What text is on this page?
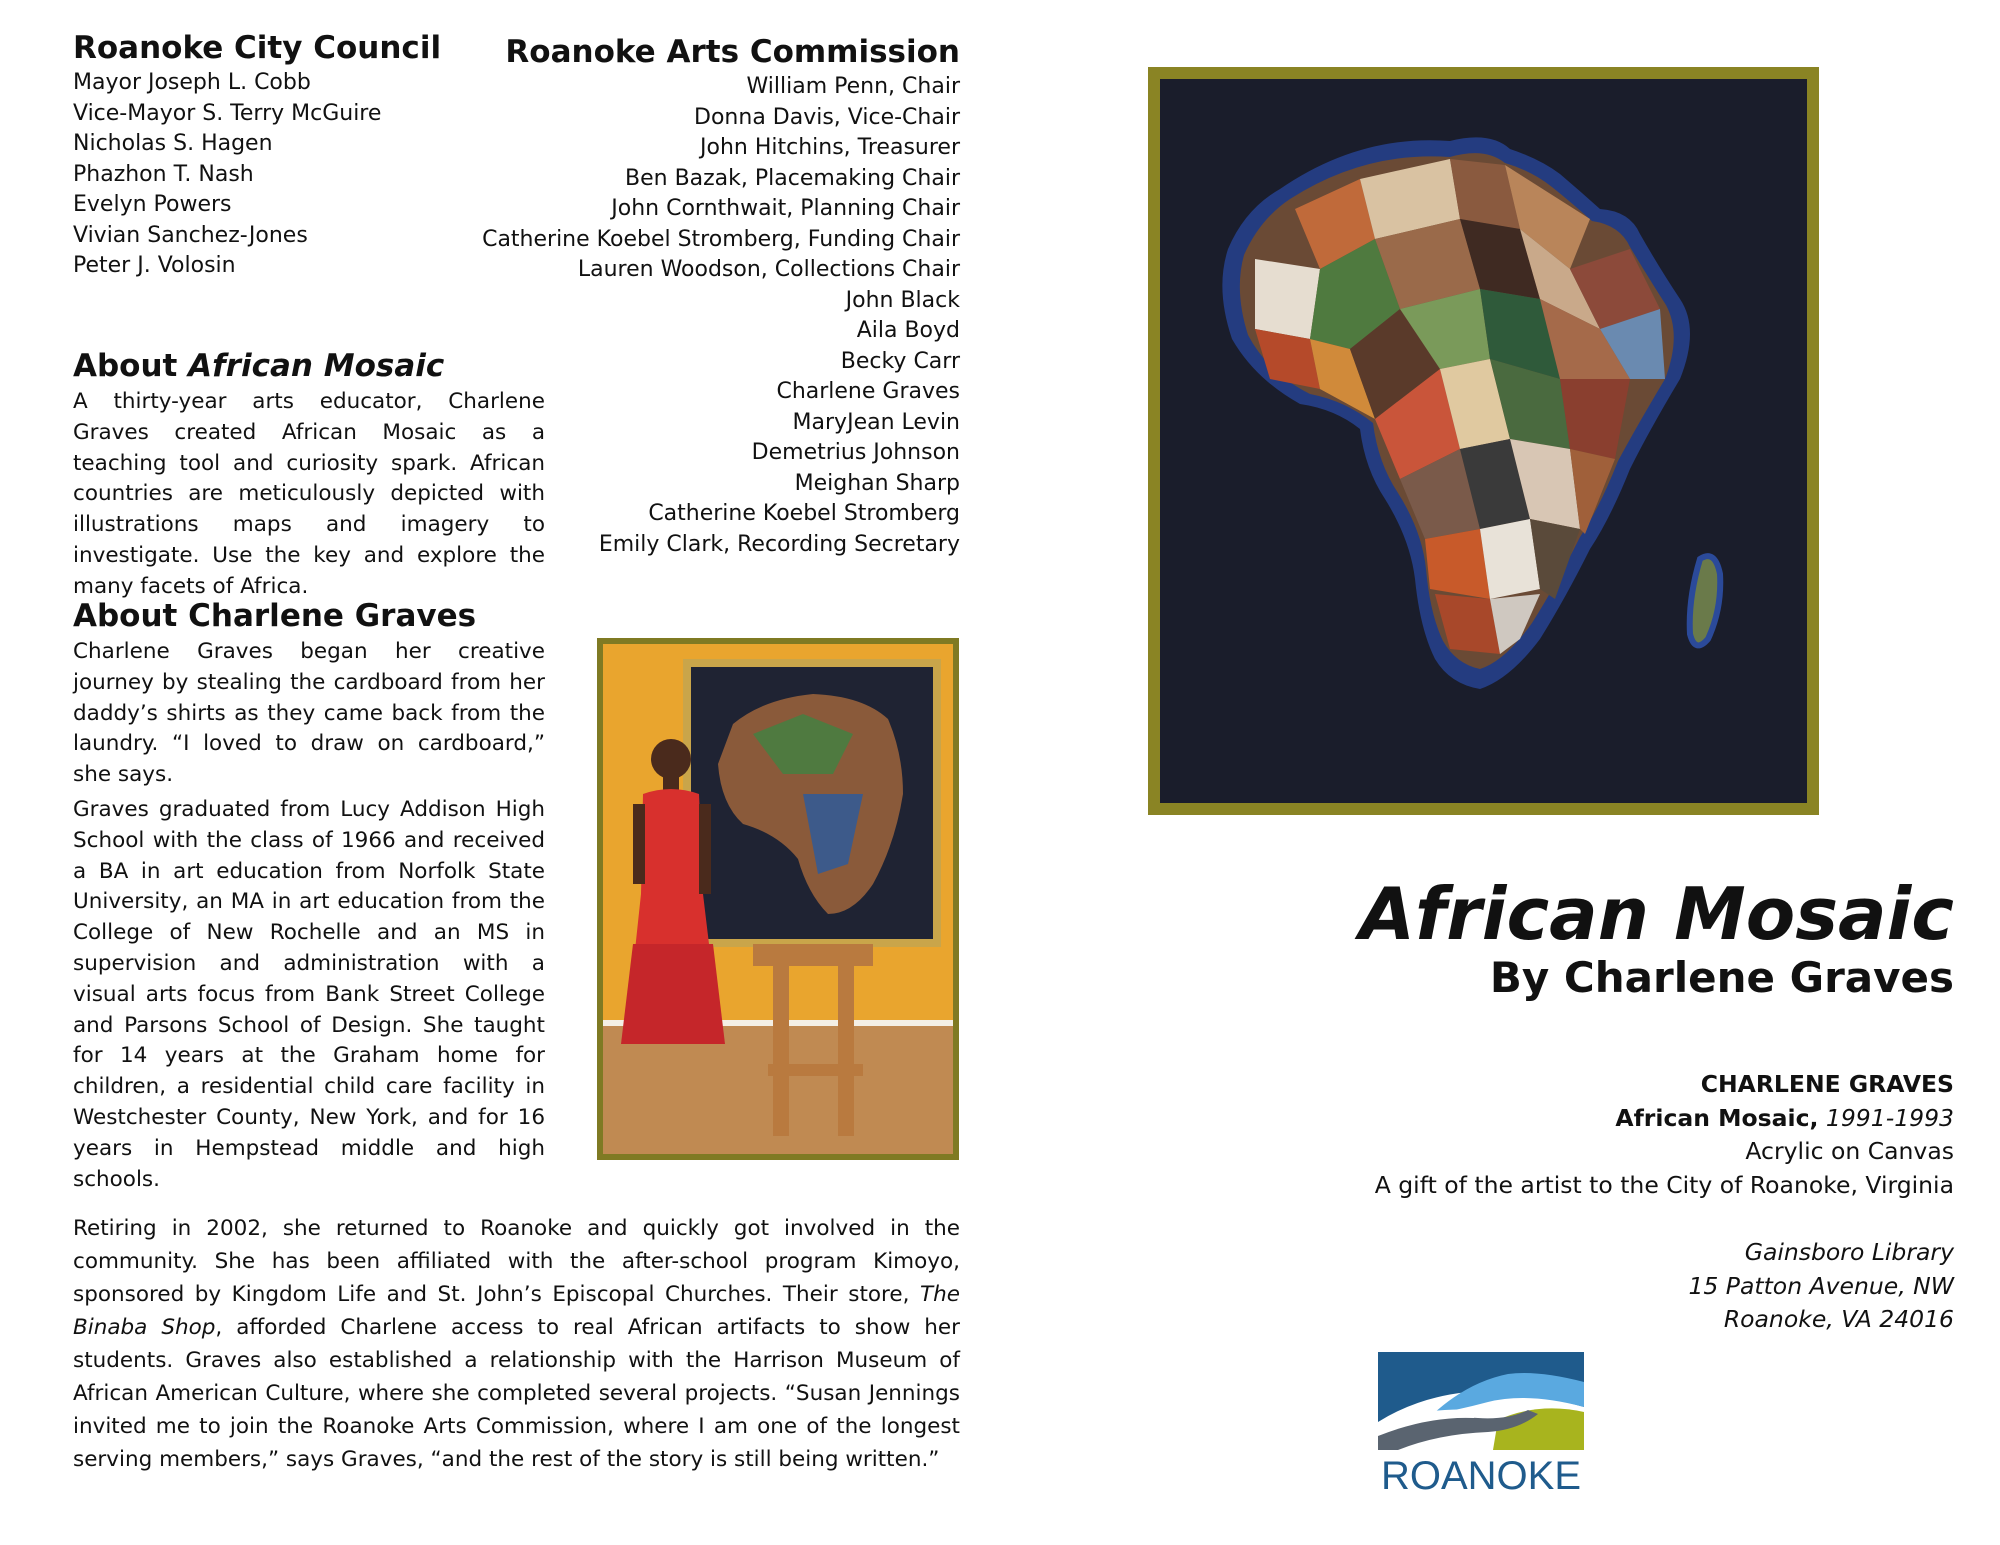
Roanoke City Council
Mayor Joseph L. Cobb
Vice-Mayor S. Terry McGuire
Nicholas S. Hagen
Phazhon T. Nash
Evelyn Powers
Vivian Sanchez-Jones
Peter J. Volosin
Roanoke Arts Commission
William Penn, Chair
Donna Davis, Vice-Chair
John Hitchins, Treasurer
Ben Bazak, Placemaking Chair
John Cornthwait, Planning Chair
Catherine Koebel Stromberg, Funding Chair
Lauren Woodson, Collections Chair
John Black
Aila Boyd
Becky Carr
Charlene Graves
MaryJean Levin
Demetrius Johnson
Meighan Sharp
Catherine Koebel Stromberg
Emily Clark, Recording Secretary
About African Mosaic

A thirty-year arts educator, Charlene Graves created African Mosaic as a teaching tool and curiosity spark. African countries are meticulously depicted with illustrations maps and imagery to investigate. Use the key and explore the many facets of Africa.

About Charlene Graves

Charlene Graves began her creative journey by stealing the cardboard from her daddy’s shirts as they came back from the laundry. “I loved to draw on cardboard,” she says.

Graves graduated from Lucy Addison High School with the class of 1966 and received a BA in art education from Norfolk State University, an MA in art education from the College of New Rochelle and an MS in supervision and administration with a visual arts focus from Bank Street College and Parsons School of Design. She taught for 14 years at the Graham home for children, a residential child care facility in Westchester County, New York, and for 16 years in Hempstead middle and high schools.

Retiring in 2002, she returned to Roanoke and quickly got involved in the community. She has been affiliated with the after-school program Kimoyo, sponsored by Kingdom Life and St. John’s Episcopal Churches. Their store, The Binaba Shop, afforded Charlene access to real African artifacts to show her students. Graves also established a relationship with the Harrison Museum of African American Culture, where she completed several projects. “Susan Jennings invited me to join the Roanoke Arts Commission, where I am one of the longest serving members,” says Graves, “and the rest of the story is still being written.”

African Mosaic
By Charlene Graves
CHARLENE GRAVES
African Mosaic, 1991-1993
Acrylic on Canvas
A gift of the artist to the City of Roanoke, Virginia
Gainsboro Library
15 Patton Avenue, NW
Roanoke, VA 24016
ROANOKE
